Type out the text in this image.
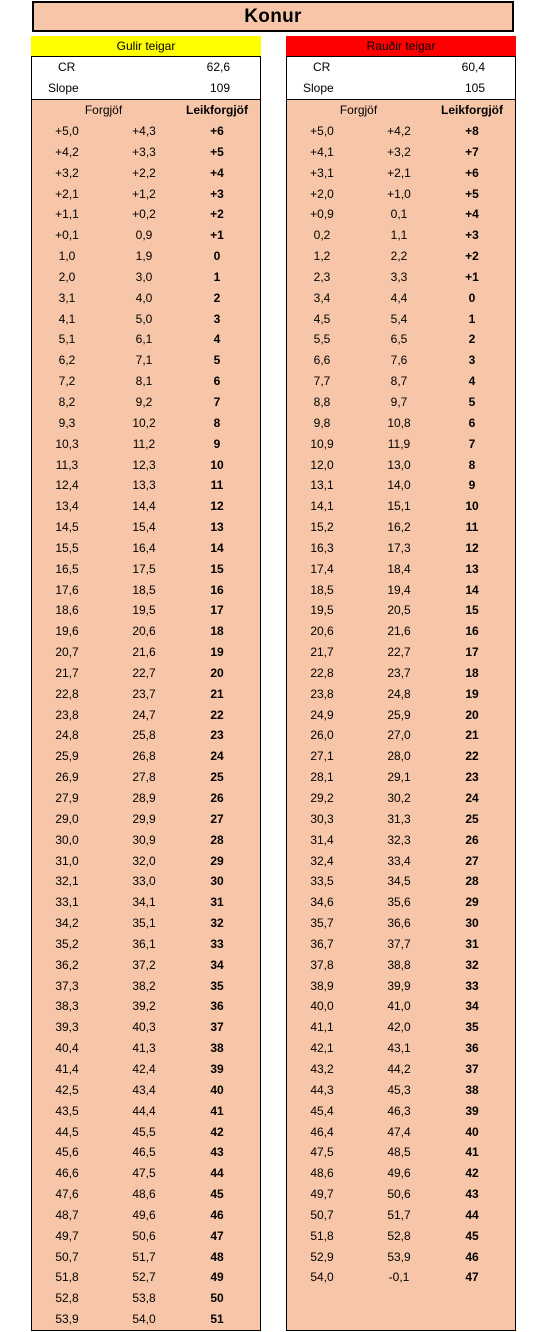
Konur
Gulir teigar
CR	62,6
Slope	109
Forgjöf	Leikforgjöf
+5,0	+4,3	+6
+4,2	+3,3	+5
+3,2	+2,2	+4
+2,1	+1,2	+3
+1,1	+0,2	+2
+0,1	0,9	+1
1,0	1,9	0
2,0	3,0	1
3,1	4,0	2
4,1	5,0	3
5,1	6,1	4
6,2	7,1	5
7,2	8,1	6
8,2	9,2	7
9,3	10,2	8
10,3	11,2	9
11,3	12,3	10
12,4	13,3	11
13,4	14,4	12
14,5	15,4	13
15,5	16,4	14
16,5	17,5	15
17,6	18,5	16
18,6	19,5	17
19,6	20,6	18
20,7	21,6	19
21,7	22,7	20
22,8	23,7	21
23,8	24,7	22
24,8	25,8	23
25,9	26,8	24
26,9	27,8	25
27,9	28,9	26
29,0	29,9	27
30,0	30,9	28
31,0	32,0	29
32,1	33,0	30
33,1	34,1	31
34,2	35,1	32
35,2	36,1	33
36,2	37,2	34
37,3	38,2	35
38,3	39,2	36
39,3	40,3	37
40,4	41,3	38
41,4	42,4	39
42,5	43,4	40
43,5	44,4	41
44,5	45,5	42
45,6	46,5	43
46,6	47,5	44
47,6	48,6	45
48,7	49,6	46
49,7	50,6	47
50,7	51,7	48
51,8	52,7	49
52,8	53,8	50
53,9	54,0	51
Rauðir teigar
CR	60,4
Slope	105
Forgjöf	Leikforgjöf
+5,0	+4,2	+8
+4,1	+3,2	+7
+3,1	+2,1	+6
+2,0	+1,0	+5
+0,9	0,1	+4
0,2	1,1	+3
1,2	2,2	+2
2,3	3,3	+1
3,4	4,4	0
4,5	5,4	1
5,5	6,5	2
6,6	7,6	3
7,7	8,7	4
8,8	9,7	5
9,8	10,8	6
10,9	11,9	7
12,0	13,0	8
13,1	14,0	9
14,1	15,1	10
15,2	16,2	11
16,3	17,3	12
17,4	18,4	13
18,5	19,4	14
19,5	20,5	15
20,6	21,6	16
21,7	22,7	17
22,8	23,7	18
23,8	24,8	19
24,9	25,9	20
26,0	27,0	21
27,1	28,0	22
28,1	29,1	23
29,2	30,2	24
30,3	31,3	25
31,4	32,3	26
32,4	33,4	27
33,5	34,5	28
34,6	35,6	29
35,7	36,6	30
36,7	37,7	31
37,8	38,8	32
38,9	39,9	33
40,0	41,0	34
41,1	42,0	35
42,1	43,1	36
43,2	44,2	37
44,3	45,3	38
45,4	46,3	39
46,4	47,4	40
47,5	48,5	41
48,6	49,6	42
49,7	50,6	43
50,7	51,7	44
51,8	52,8	45
52,9	53,9	46
54,0	-0,1	47
